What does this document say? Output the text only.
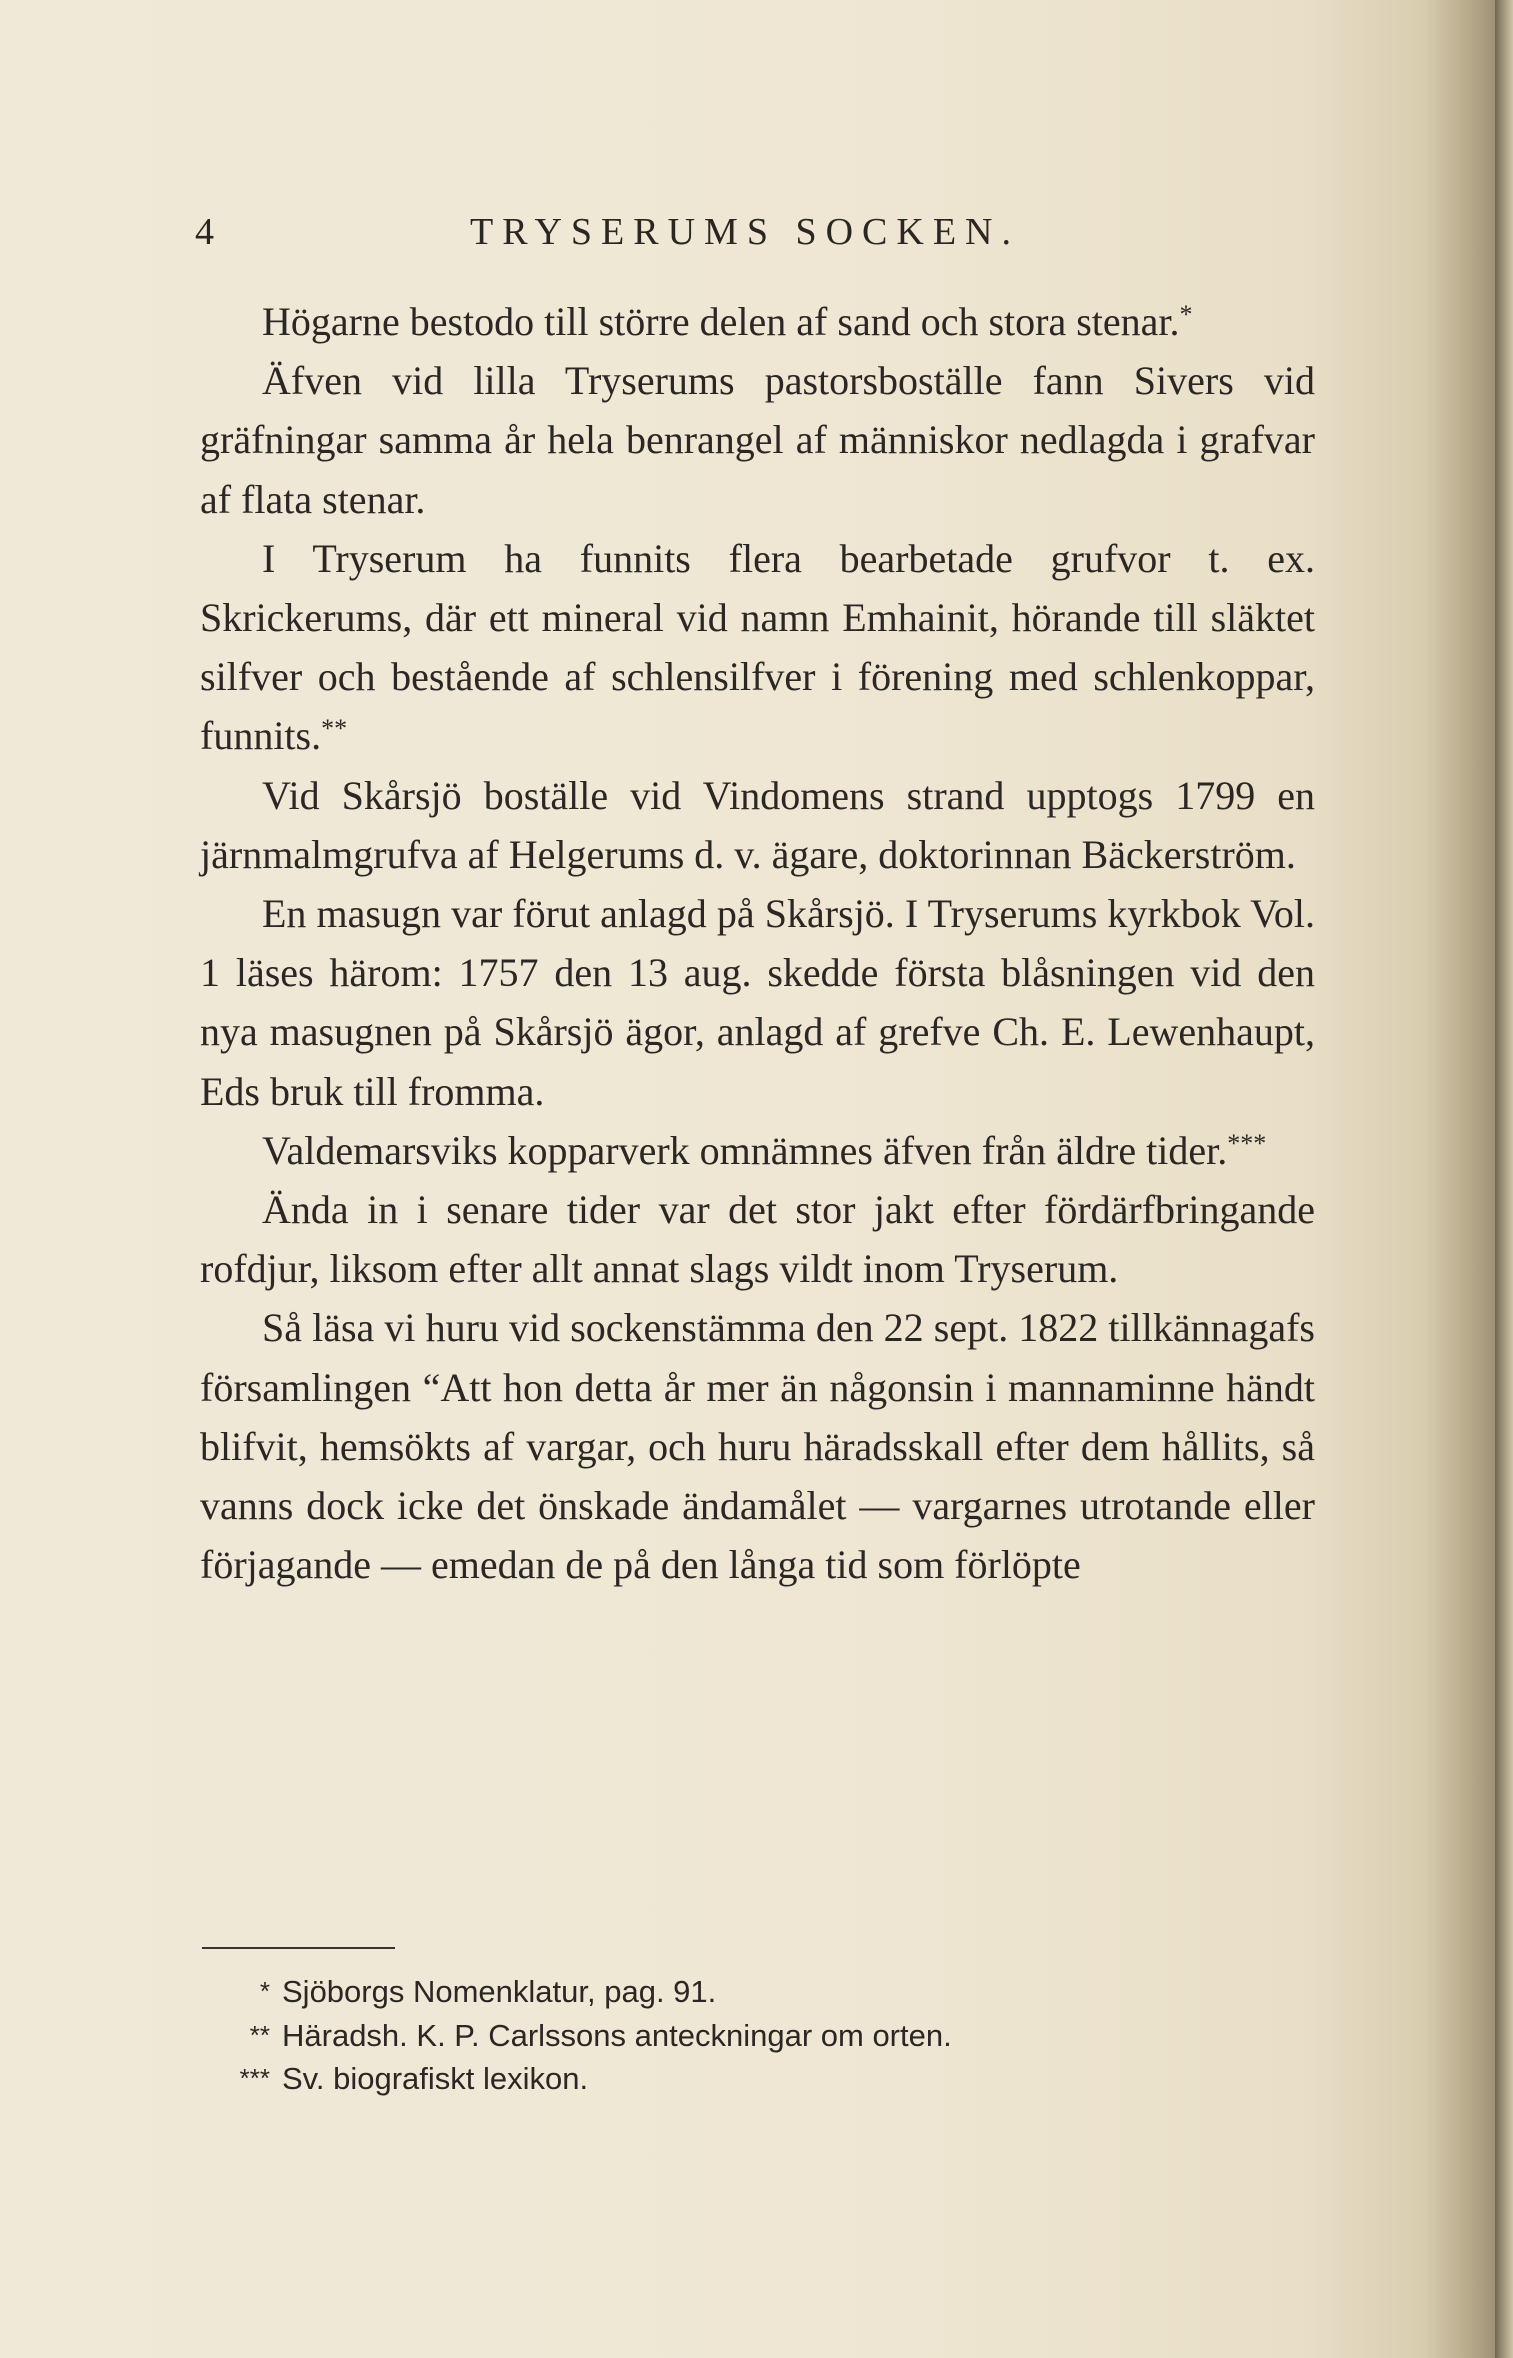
4	TRYSERUMS SOCKEN.

Högarne bestodo till större delen af sand och stora stenar.*

Äfven vid lilla Tryserums pastorsboställe fann Sivers vid gräfningar samma år hela benrangel af människor nedlagda i grafvar af flata stenar.

I Tryserum ha funnits flera bearbetade grufvor t. ex. Skrickerums, där ett mineral vid namn Emhainit, hörande till släktet silfver och bestående af schlensilfver i förening med schlenkoppar, funnits.**

Vid Skårsjö boställe vid Vindomens strand upptogs 1799 en järnmalmgrufva af Helgerums d. v. ägare, doktorinnan Bäckerström.

En masugn var förut anlagd på Skårsjö. I Tryserums kyrkbok Vol. 1 läses härom: 1757 den 13 aug. skedde första blåsningen vid den nya masugnen på Skårsjö ägor, anlagd af grefve Ch. E. Lewenhaupt, Eds bruk till fromma.

Valdemarsviks kopparverk omnämnes äfven från äldre tider.***

Ända in i senare tider var det stor jakt efter fördärfbringande rofdjur, liksom efter allt annat slags vildt inom Tryserum.

Så läsa vi huru vid sockenstämma den 22 sept. 1822 tillkännagafs församlingen “Att hon detta år mer än någonsin i mannaminne händt blifvit, hemsökts af vargar, och huru häradsskall efter dem hållits, så vanns dock icke det önskade ändamålet — vargarnes utrotande eller förjagande — emedan de på den långa tid som förlöpte

* Sjöborgs Nomenklatur, pag. 91.
** Häradsh. K. P. Carlssons anteckningar om orten.
*** Sv. biografiskt lexikon.
